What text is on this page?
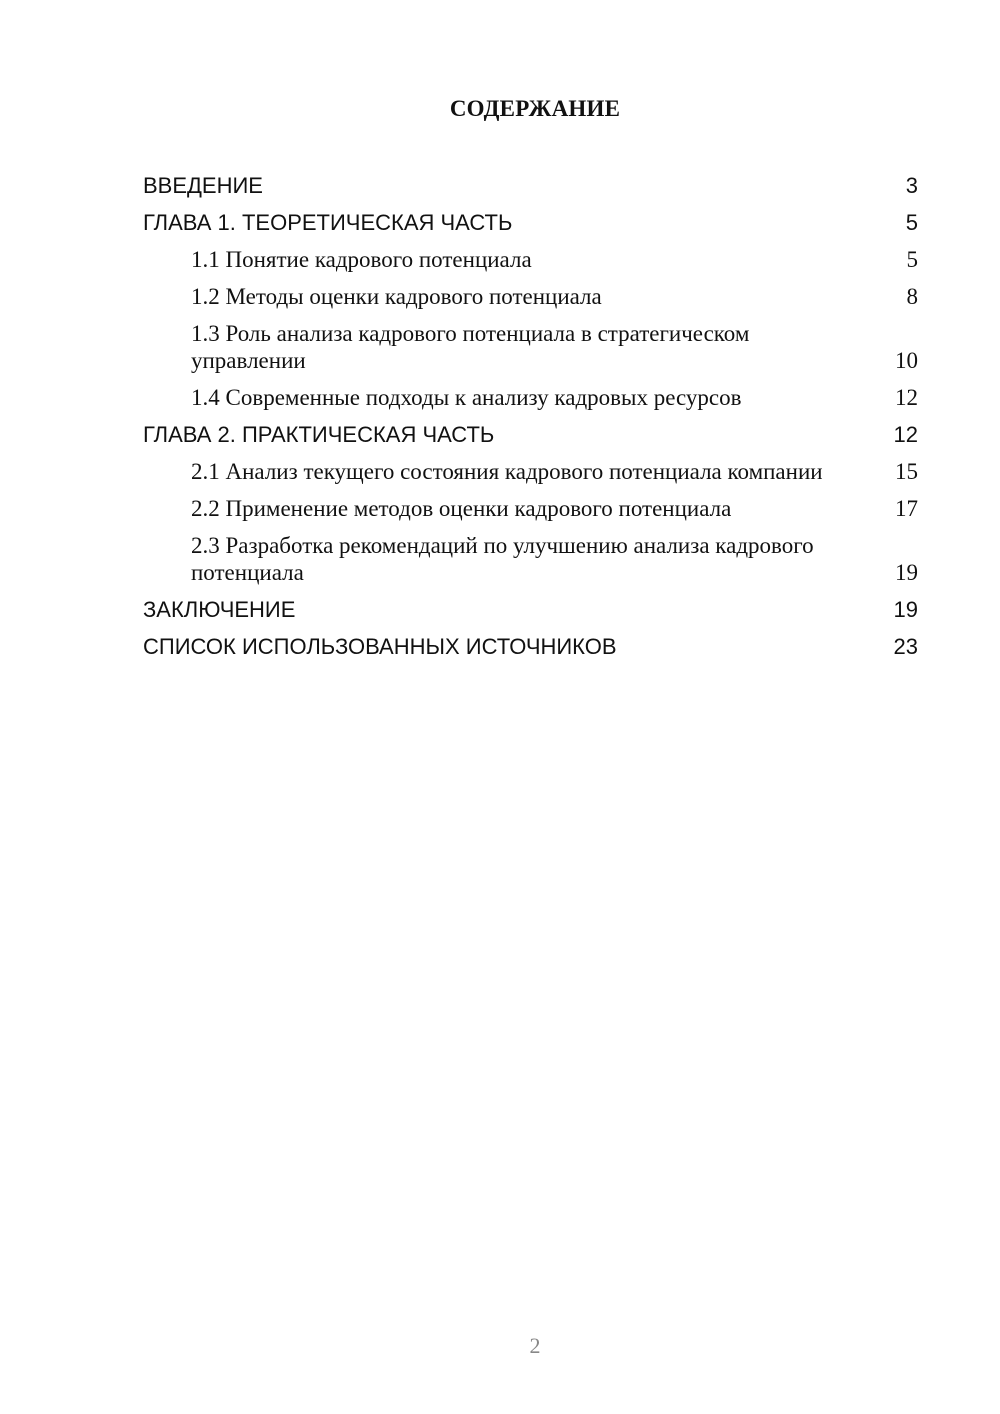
СОДЕРЖАНИЕ
ВВЕДЕНИЕ	3
ГЛАВА 1. ТЕОРЕТИЧЕСКАЯ ЧАСТЬ	5
1.1 Понятие кадрового потенциала	5
1.2 Методы оценки кадрового потенциала	8
1.3 Роль анализа кадрового потенциала в стратегическом управлении	10
1.4 Современные подходы к анализу кадровых ресурсов	12
ГЛАВА 2. ПРАКТИЧЕСКАЯ ЧАСТЬ	12
2.1 Анализ текущего состояния кадрового потенциала компании	15
2.2 Применение методов оценки кадрового потенциала	17
2.3 Разработка рекомендаций по улучшению анализа кадрового потенциала	19
ЗАКЛЮЧЕНИЕ	19
СПИСОК ИСПОЛЬЗОВАННЫХ ИСТОЧНИКОВ	23
2
